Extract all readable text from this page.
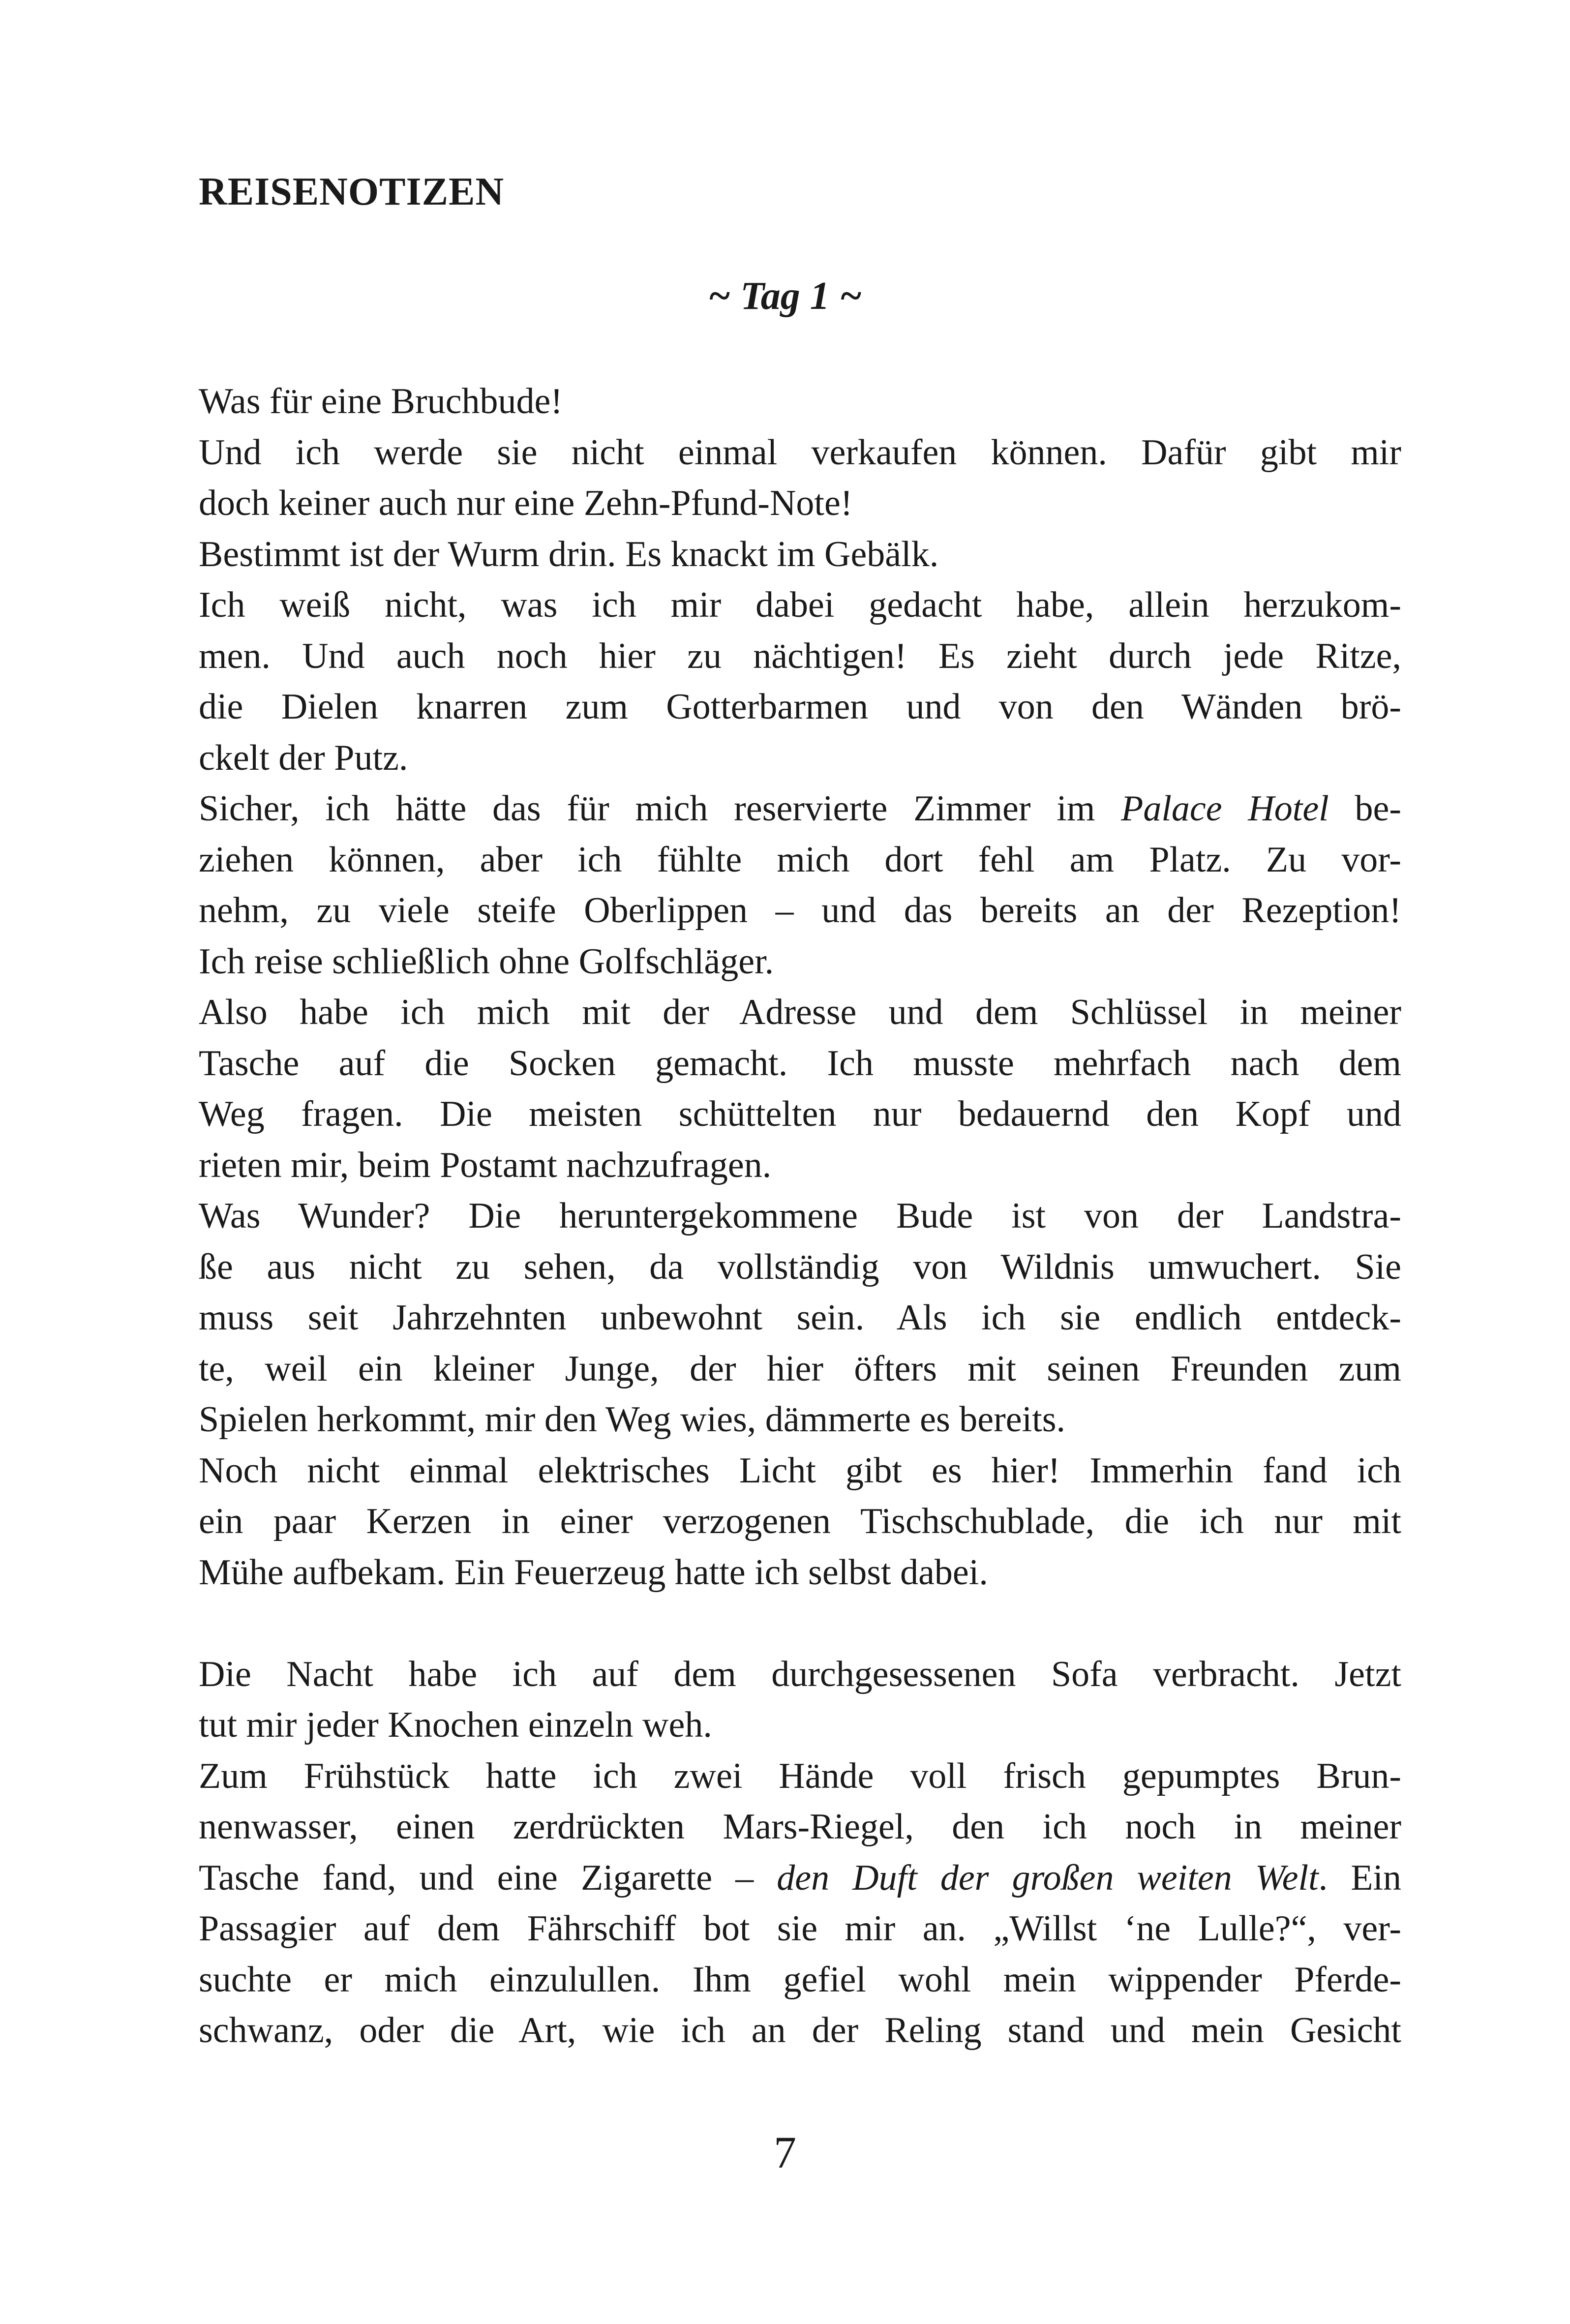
REISENOTIZEN
~ Tag 1 ~
Was für eine Bruchbude!
Und ich werde sie nicht einmal verkaufen können. Dafür gibt mir
doch keiner auch nur eine Zehn-Pfund-Note!
Bestimmt ist der Wurm drin. Es knackt im Gebälk.
Ich weiß nicht, was ich mir dabei gedacht habe, allein herzukom-
men. Und auch noch hier zu nächtigen! Es zieht durch jede Ritze,
die Dielen knarren zum Gotterbarmen und von den Wänden brö-
ckelt der Putz.
Sicher, ich hätte das für mich reservierte Zimmer im Palace Hotel be-
ziehen können, aber ich fühlte mich dort fehl am Platz. Zu vor-
nehm, zu viele steife Oberlippen – und das bereits an der Rezeption!
Ich reise schließlich ohne Golfschläger.
Also habe ich mich mit der Adresse und dem Schlüssel in meiner
Tasche auf die Socken gemacht. Ich musste mehrfach nach dem
Weg fragen. Die meisten schüttelten nur bedauernd den Kopf und
rieten mir, beim Postamt nachzufragen.
Was Wunder? Die heruntergekommene Bude ist von der Landstra-
ße aus nicht zu sehen, da vollständig von Wildnis umwuchert. Sie
muss seit Jahrzehnten unbewohnt sein. Als ich sie endlich entdeck-
te, weil ein kleiner Junge, der hier öfters mit seinen Freunden zum
Spielen herkommt, mir den Weg wies, dämmerte es bereits.
Noch nicht einmal elektrisches Licht gibt es hier! Immerhin fand ich
ein paar Kerzen in einer verzogenen Tischschublade, die ich nur mit
Mühe aufbekam. Ein Feuerzeug hatte ich selbst dabei.
Die Nacht habe ich auf dem durchgesessenen Sofa verbracht. Jetzt
tut mir jeder Knochen einzeln weh.
Zum Frühstück hatte ich zwei Hände voll frisch gepumptes Brun-
nenwasser, einen zerdrückten Mars-Riegel, den ich noch in meiner
Tasche fand, und eine Zigarette – den Duft der großen weiten Welt. Ein
Passagier auf dem Fährschiff bot sie mir an. „Willst ‘ne Lulle?“, ver-
suchte er mich einzulullen. Ihm gefiel wohl mein wippender Pferde-
schwanz, oder die Art, wie ich an der Reling stand und mein Gesicht

7
